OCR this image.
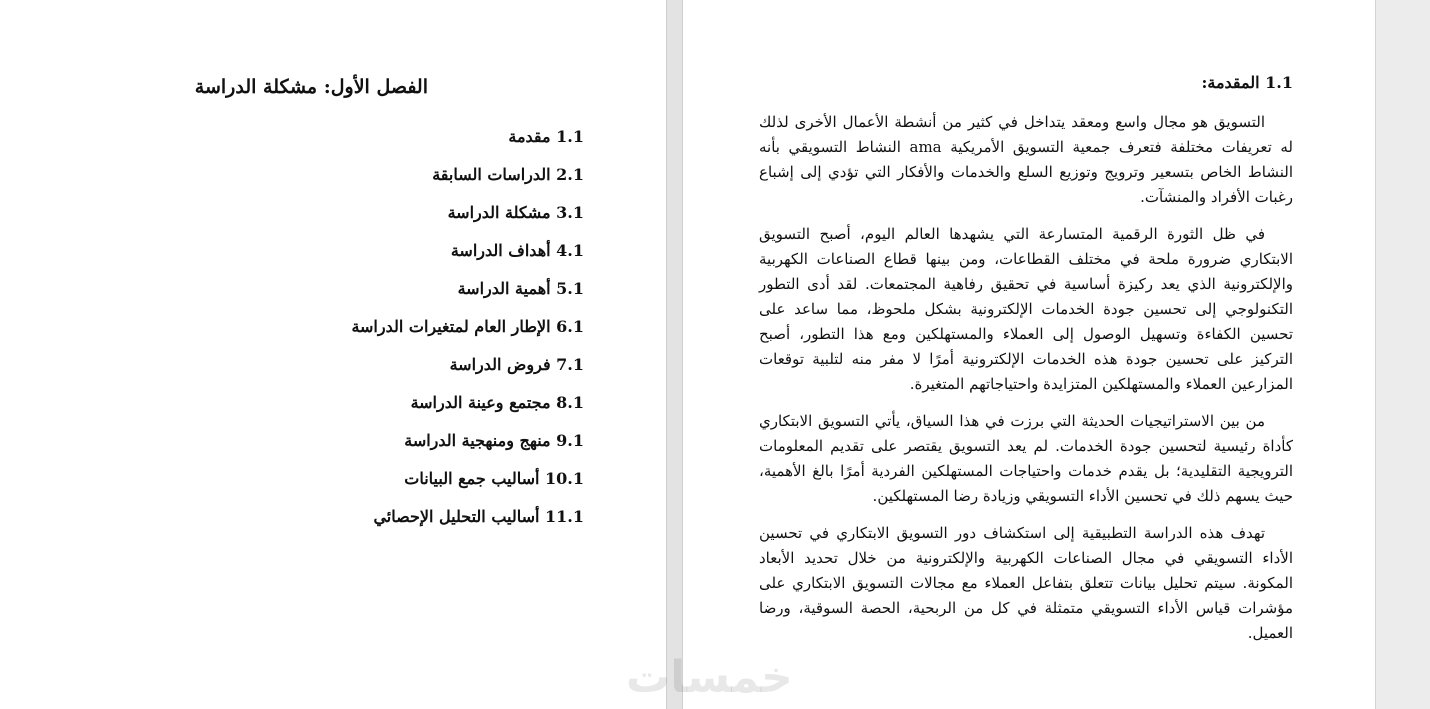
الفصل الأول: مشكلة الدراسة
1.1 مقدمة
2.1 الدراسات السابقة
3.1 مشكلة الدراسة
4.1 أهداف الدراسة
5.1 أهمية الدراسة
6.1 الإطار العام لمتغيرات الدراسة
7.1 فروض الدراسة
8.1 مجتمع وعينة الدراسة
9.1 منهج ومنهجية الدراسة
10.1 أساليب جمع البيانات
11.1 أساليب التحليل الإحصائي
1.1 المقدمة:

التسويق هو مجال واسع ومعقد يتداخل في كثير من أنشطة الأعمال الأخرى لذلك له تعريفات مختلفة فتعرف جمعية التسويق الأمريكية ama النشاط التسويقي بأنه النشاط الخاص بتسعير وترويج وتوزيع السلع والخدمات والأفكار التي تؤدي إلى إشباع رغبات الأفراد والمنشآت.

في ظل الثورة الرقمية المتسارعة التي يشهدها العالم اليوم، أصبح التسويق الابتكاري ضرورة ملحة في مختلف القطاعات، ومن بينها قطاع الصناعات الكهربية والإلكترونية الذي يعد ركيزة أساسية في تحقيق رفاهية المجتمعات. لقد أدى التطور التكنولوجي إلى تحسين جودة الخدمات الإلكترونية بشكل ملحوظ، مما ساعد على تحسين الكفاءة وتسهيل الوصول إلى العملاء والمستهلكين ومع هذا التطور، أصبح التركيز على تحسين جودة هذه الخدمات الإلكترونية أمرًا لا مفر منه لتلبية توقعات المزارعين العملاء والمستهلكين المتزايدة واحتياجاتهم المتغيرة.

من بين الاستراتيجيات الحديثة التي برزت في هذا السياق، يأتي التسويق الابتكاري كأداة رئيسية لتحسين جودة الخدمات. لم يعد التسويق يقتصر على تقديم المعلومات الترويجية التقليدية؛ بل يقدم خدمات واحتياجات المستهلكين الفردية أمرًا بالغ الأهمية، حيث يسهم ذلك في تحسين الأداء التسويقي وزيادة رضا المستهلكين.

تهدف هذه الدراسة التطبيقية إلى استكشاف دور التسويق الابتكاري في تحسين الأداء التسويقي في مجال الصناعات الكهربية والإلكترونية من خلال تحديد الأبعاد المكونة. سيتم تحليل بيانات تتعلق بتفاعل العملاء مع مجالات التسويق الابتكاري على مؤشرات قياس الأداء التسويقي متمثلة في كل من الربحية، الحصة السوقية، ورضا العميل.

خمسات
